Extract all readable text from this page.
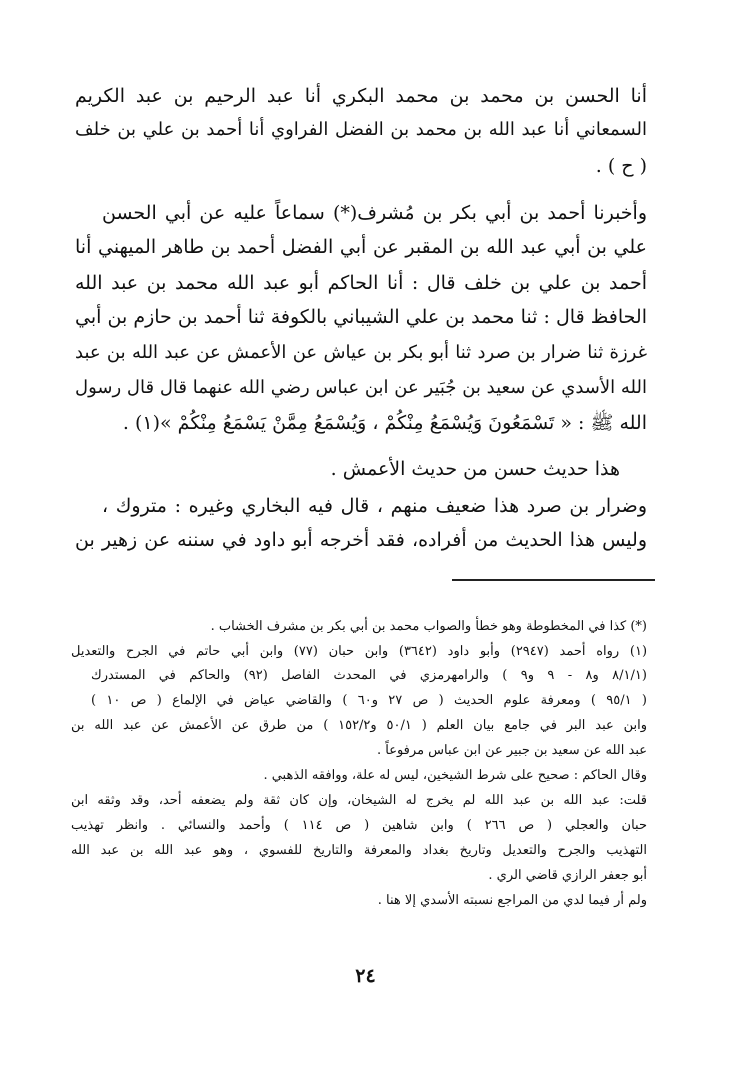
أنا الحسن بن محمد بن محمد البكري أنا عبد الرحيم بن عبد الكريم
السمعاني أنا عبد الله بن محمد بن الفضل الفراوي أنا أحمد بن علي بن خلف
( ح ) .
وأخبرنا أحمد بن أبي بكر بن مُشرف(*) سماعاً عليه عن أبي الحسن
علي بن أبي عبد الله بن المقبر عن أبي الفضل أحمد بن طاهر الميهني أنا
أحمد بن علي بن خلف قال : أنا الحاكم أبو عبد الله محمد بن عبد الله
الحافظ قال : ثنا محمد بن علي الشيباني بالكوفة ثنا أحمد بن حازم بن أبي
غرزة ثنا ضرار بن صرد ثنا أبو بكر بن عياش عن الأعمش عن عبد الله بن عبد
الله الأسدي عن سعيد بن جُبَير عن ابن عباس رضي الله عنهما قال قال رسول
الله ﷺ : « تَسْمَعُونَ وَيُسْمَعُ مِنْكُمْ ، وَيُسْمَعُ مِمَّنْ يَسْمَعُ مِنْكُمْ »(١) .
هذا حديث حسن من حديث الأعمش .
وضرار بن صرد هذا ضعيف منهم ، قال فيه البخاري وغيره : متروك ،
وليس هذا الحديث من أفراده، فقد أخرجه أبو داود في سننه عن زهير بن
(*) كذا في المخطوطة وهو خطأ والصواب محمد بن أبي بكر بن مشرف الخشاب .
(١) رواه أحمد (٢٩٤٧) وأبو داود (٣٦٤٢) وابن حبان (٧٧) وابن أبي حاتم في الجرح والتعديل
(٨/١/١ و٨ - ٩ و٩ ) والرامهرمزي في المحدث الفاصل (٩٢) والحاكم في المستدرك
( ٩٥/١ ) ومعرفة علوم الحديث ( ص ٢٧ و٦٠ ) والقاضي عياض في الإلماع ( ص ١٠ )
وابن عبد البر في جامع بيان العلم ( ٥٠/١ و١٥٢/٢ ) من طرق عن الأعمش عن عبد الله بن
عبد الله عن سعيد بن جبير عن ابن عباس مرفوعاً .
وقال الحاكم : صحيح على شرط الشيخين، ليس له علة، ووافقه الذهبي .
قلت: عبد الله بن عبد الله لم يخرج له الشيخان، وإن كان ثقة ولم يضعفه أحد، وقد وثقه ابن
حبان والعجلي ( ص ٢٦٦ ) وابن شاهين ( ص ١١٤ ) وأحمد والنسائي . وانظر تهذيب
التهذيب والجرح والتعديل وتاريخ بغداد والمعرفة والتاريخ للفسوي ، وهو عبد الله بن عبد الله
أبو جعفر الرازي قاضي الري .
ولم أر فيما لدي من المراجع نسبته الأسدي إلا هنا .
٢٤
